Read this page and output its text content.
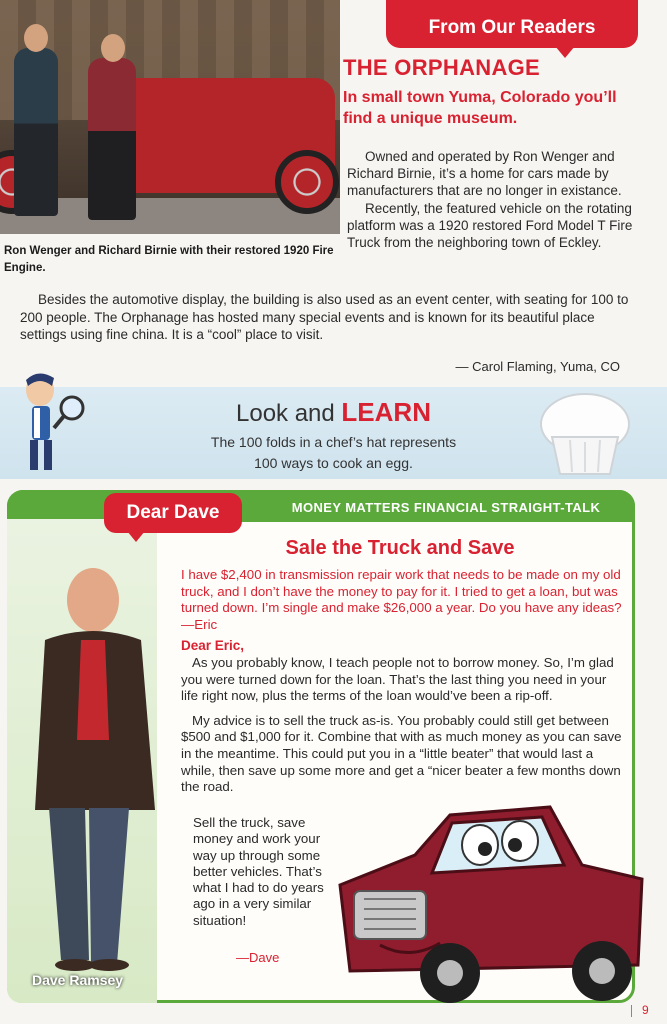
Ron Wenger and Richard Birnie with their restored 1920 Fire Engine.
From Our Readers
THE ORPHANAGE
In small town Yuma, Colorado you’ll find a unique museum.

Owned and operated by Ron Wenger and Richard Birnie, it’s a home for cars made by manufacturers that are no longer in existance.

Recently, the featured vehicle on the rotating platform was a 1920 restored Ford Model T Fire Truck from the neighboring town of Eckley.

Besides the automotive display, the building is also used as an event center, with seating for 100 to 200 people. The Orphanage has hosted many special events and is known for its beautiful place settings using fine china. It is a “cool” place to visit.
— Carol Flaming, Yuma, CO
Look and LEARN
The 100 folds in a chef’s hat represents
100 ways to cook an egg.
MONEY MATTERS FINANCIAL STRAIGHT-TALK
Dear Dave
Dave Ramsey
Sale the Truck and Save
I have $2,400 in transmission repair work that needs to be made on my old truck, and I don’t have the money to pay for it. I tried to get a loan, but was turned down. I’m single and make $26,000 a year. Do you have any ideas? —Eric
Dear Eric,

As you probably know, I teach people not to borrow money. So, I’m glad you were turned down for the loan. That’s the last thing you need in your life right now, plus the terms of the loan would’ve been a rip-off.

My advice is to sell the truck as-is. You probably could still get between $500 and $1,000 for it. Combine that with as much money as you can save in the meantime. This could put you in a “little beater” that would last a while, then save up some more and get a “nicer beater a few months down the road.

Sell the truck, save money and work your way up through some better vehicles. That’s what I had to do years ago in a very similar situation!
—Dave
9
